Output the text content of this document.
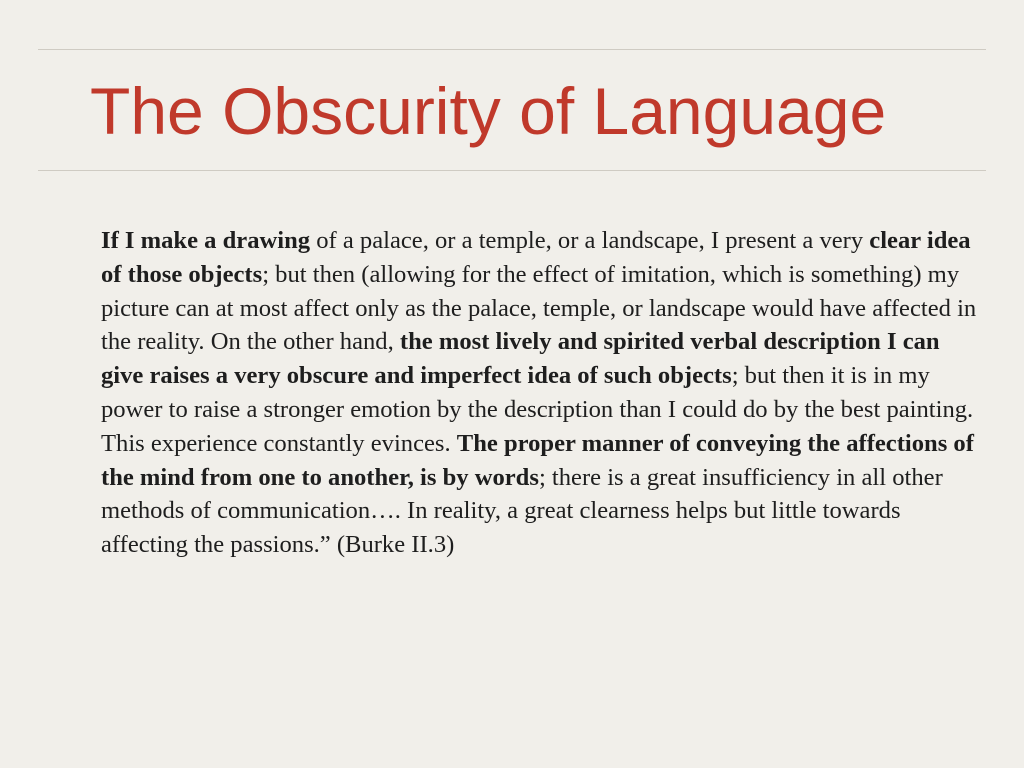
The Obscurity of Language

If I make a drawing of a palace, or a temple, or a landscape, I present a very clear idea of those objects; but then (allowing for the effect of imitation, which is something) my picture can at most affect only as the palace, temple, or landscape would have affected in the reality. On the other hand, the most lively and spirited verbal description I can give raises a very obscure and imperfect idea of such objects; but then it is in my power to raise a stronger emotion by the description than I could do by the best painting. This experience constantly evinces. The proper manner of conveying the affections of the mind from one to another, is by words; there is a great insufficiency in all other methods of communication…. In reality, a great clearness helps but little towards affecting the passions.” (Burke II.3)
